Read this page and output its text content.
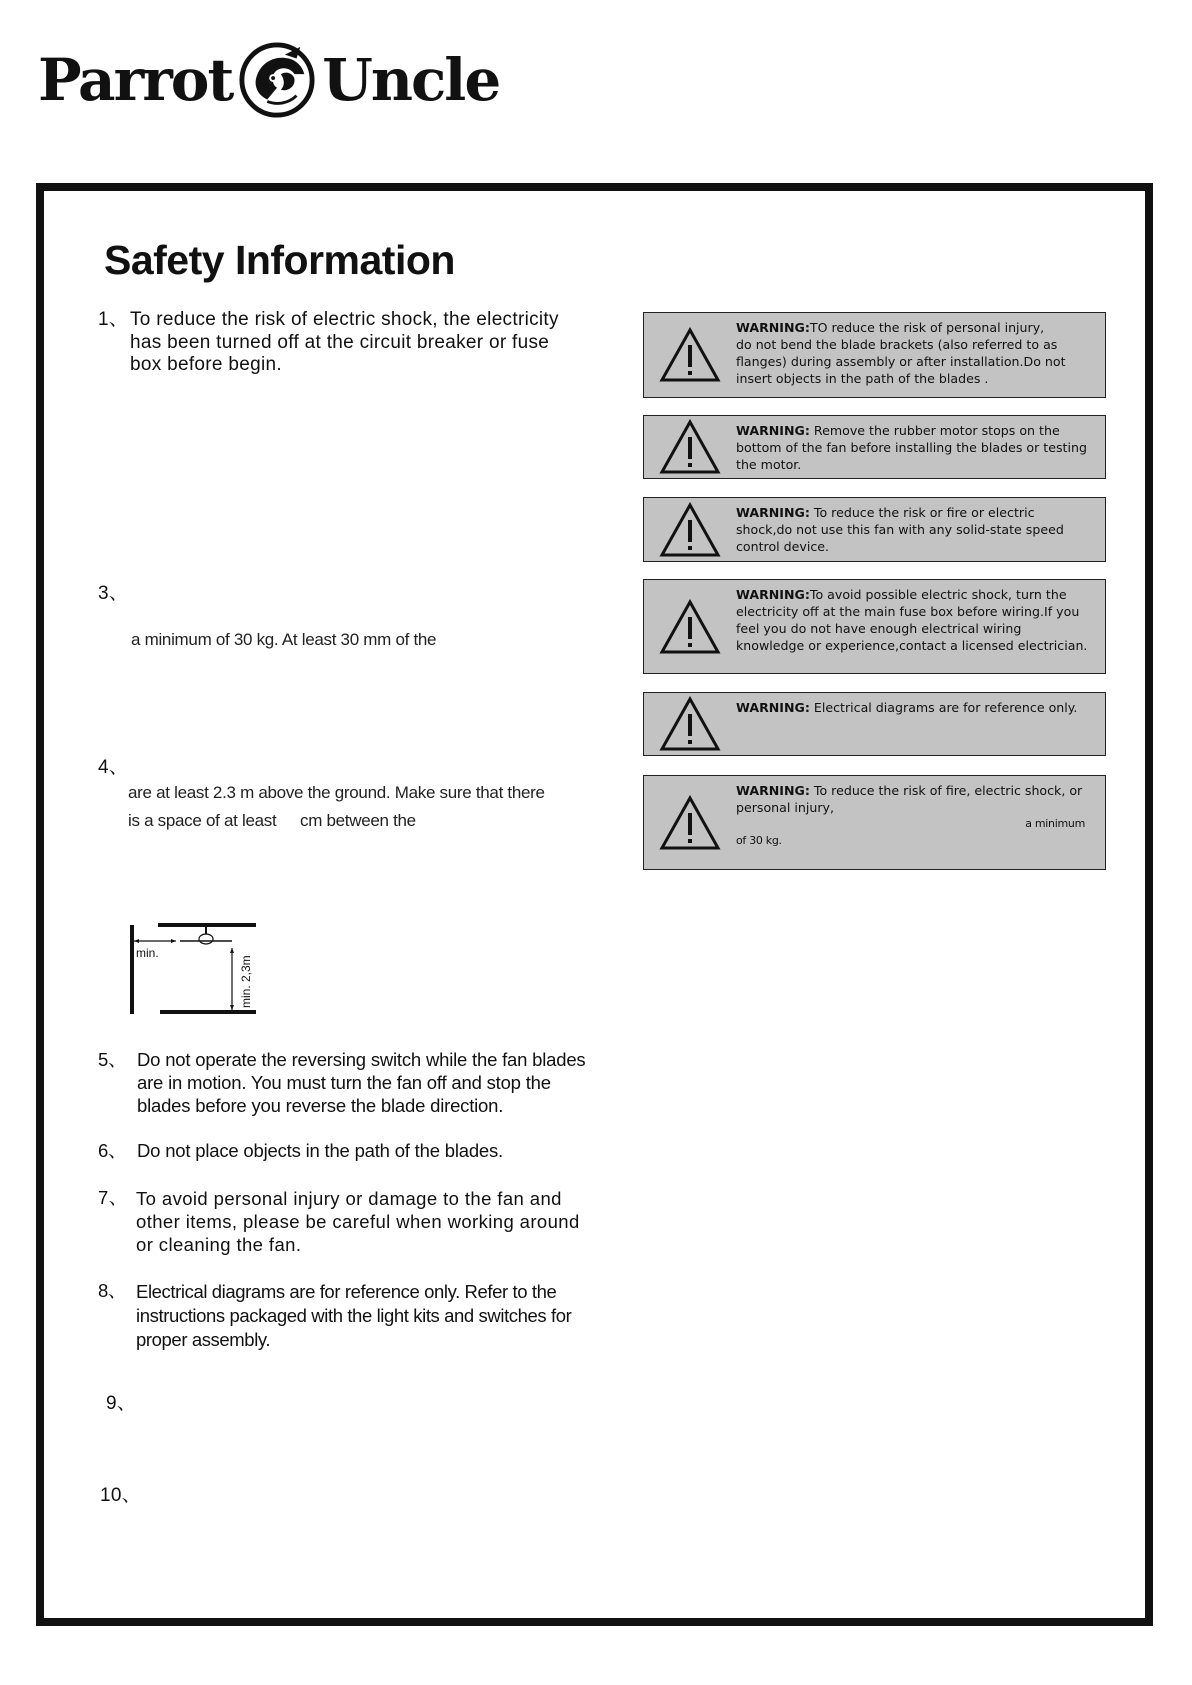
Parrot Uncle
Safety Information
1、 To reduce the risk of electric shock, the electricity
has been turned off at the circuit breaker or fuse
box before begin.
3、
a minimum of 30 kg. At least 30 mm of the
4、
are at least 2.3 m above the ground. Make sure that there
is a space of at least cm between the
min.
min. 2,3m
5、 Do not operate the reversing switch while the fan blades
are in motion. You must turn the fan off and stop the
blades before you reverse the blade direction.
6、 Do not place objects in the path of the blades.
7、 To avoid personal injury or damage to the fan and
other items, please be careful when working around
or cleaning the fan.
8、 Electrical diagrams are for reference only. Refer to the
instructions packaged with the light kits and switches for
proper assembly.
9、
10、
WARNING:TO reduce the risk of personal injury,
do not bend the blade brackets (also referred to as flanges) during assembly or after installation.Do not insert objects in the path of the blades .
WARNING: Remove the rubber motor stops on the bottom of the fan before installing the blades or testing the motor.
WARNING: To reduce the risk or fire or electric shock,do not use this fan with any solid-state speed control device.
WARNING:To avoid possible electric shock, turn the electricity off at the main fuse box before wiring.If you feel you do not have enough electrical wiring knowledge or experience,contact a licensed electrician.
WARNING: Electrical diagrams are for reference only.
WARNING: To reduce the risk of fire, electric shock, or personal injury,
a minimum
of 30 kg.
